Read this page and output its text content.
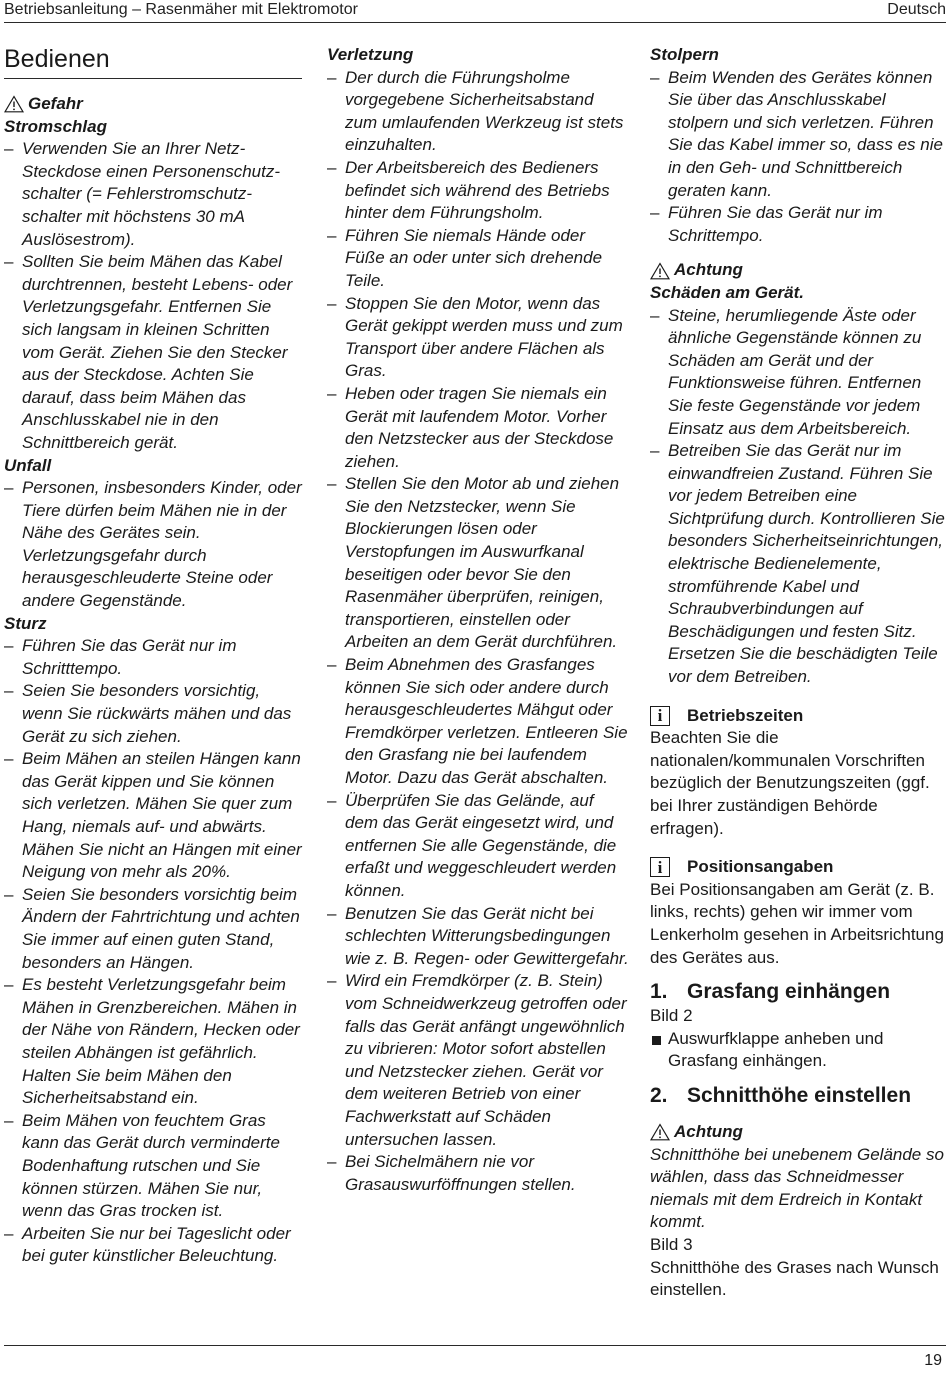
Betriebsanleitung – Rasenmäher mit Elektromotor	Deutsch
Bedienen
Gefahr
Stromschlag
– Verwenden Sie an Ihrer Netz-Steckdose einen Personenschutz-schalter (= Fehlerstromschutz-schalter mit höchstens 30 mA Auslösestrom).
– Sollten Sie beim Mähen das Kabel durchtrennen, besteht Lebens- oder Verletzungsgefahr. Entfernen Sie sich langsam in kleinen Schritten vom Gerät. Ziehen Sie den Stecker aus der Steckdose. Achten Sie darauf, dass beim Mähen das Anschlusskabel nie in den Schnittbereich gerät.
Unfall
– Personen, insbesonders Kinder, oder Tiere dürfen beim Mähen nie in der Nähe des Gerätes sein. Verletzungsgefahr durch herausgeschleuderte Steine oder andere Gegenstände.
Sturz
– Führen Sie das Gerät nur im Schritttempo.
– Seien Sie besonders vorsichtig, wenn Sie rückwärts mähen und das Gerät zu sich ziehen.
– Beim Mähen an steilen Hängen kann das Gerät kippen und Sie können sich verletzen. Mähen Sie quer zum Hang, niemals auf- und abwärts. Mähen Sie nicht an Hängen mit einer Neigung von mehr als 20%.
– Seien Sie besonders vorsichtig beim Ändern der Fahrtrichtung und achten Sie immer auf einen guten Stand, besonders an Hängen.
– Es besteht Verletzungsgefahr beim Mähen in Grenzbereichen. Mähen in der Nähe von Rändern, Hecken oder steilen Abhängen ist gefährlich. Halten Sie beim Mähen den Sicherheitsabstand ein.
– Beim Mähen von feuchtem Gras kann das Gerät durch verminderte Bodenhaftung rutschen und Sie können stürzen. Mähen Sie nur, wenn das Gras trocken ist.
– Arbeiten Sie nur bei Tageslicht oder bei guter künstlicher Beleuchtung.
Verletzung
– Der durch die Führungsholme vorgegebene Sicherheitsabstand zum umlaufenden Werkzeug ist stets einzuhalten.
– Der Arbeitsbereich des Bedieners befindet sich während des Betriebs hinter dem Führungsholm.
– Führen Sie niemals Hände oder Füße an oder unter sich drehende Teile.
– Stoppen Sie den Motor, wenn das Gerät gekippt werden muss und zum Transport über andere Flächen als Gras.
– Heben oder tragen Sie niemals ein Gerät mit laufendem Motor. Vorher den Netzstecker aus der Steckdose ziehen.
– Stellen Sie den Motor ab und ziehen Sie den Netzstecker, wenn Sie Blockierungen lösen oder Verstopfungen im Auswurfkanal beseitigen oder bevor Sie den Rasenmäher überprüfen, reinigen, transportieren, einstellen oder Arbeiten an dem Gerät durchführen.
– Beim Abnehmen des Grasfanges können Sie sich oder andere durch herausgeschleudertes Mähgut oder Fremdkörper verletzen. Entleeren Sie den Grasfang nie bei laufendem Motor. Dazu das Gerät abschalten.
– Überprüfen Sie das Gelände, auf dem das Gerät eingesetzt wird, und entfernen Sie alle Gegenstände, die erfaßt und weggeschleudert werden können.
– Benutzen Sie das Gerät nicht bei schlechten Witterungsbedingungen wie z. B. Regen- oder Gewittergefahr.
– Wird ein Fremdkörper (z. B. Stein) vom Schneidwerkzeug getroffen oder falls das Gerät anfängt ungewöhnlich zu vibrieren: Motor sofort abstellen und Netzstecker ziehen. Gerät vor dem weiteren Betrieb von einer Fachwerkstatt auf Schäden untersuchen lassen.
– Bei Sichelmähern nie vor Grasauswurföffnungen stellen.
Stolpern
– Beim Wenden des Gerätes können Sie über das Anschlusskabel stolpern und sich verletzen. Führen Sie das Kabel immer so, dass es nie in den Geh- und Schnittbereich geraten kann.
– Führen Sie das Gerät nur im Schrittempo.
Achtung
Schäden am Gerät.
– Steine, herumliegende Äste oder ähnliche Gegenstände können zu Schäden am Gerät und der Funktionsweise führen. Entfernen Sie feste Gegenstände vor jedem Einsatz aus dem Arbeitsbereich.
– Betreiben Sie das Gerät nur im einwandfreien Zustand. Führen Sie vor jedem Betreiben eine Sichtprüfung durch. Kontrollieren Sie besonders Sicherheitseinrichtungen, elektrische Bedienelemente, stromführende Kabel und Schraubverbindungen auf Beschädigungen und festen Sitz. Ersetzen Sie die beschädigten Teile vor dem Betreiben.
i	Betriebszeiten

Beachten Sie die nationalen/kommunalen Vorschriften bezüglich der Benutzungszeiten (ggf. bei Ihrer zuständigen Behörde erfragen).

i	Positionsangaben

Bei Positionsangaben am Gerät (z. B. links, rechts) gehen wir immer vom Lenkerholm gesehen in Arbeitsrichtung des Gerätes aus.

1. Grasfang einhängen

Bild 2

Auswurfklappe anheben und Grasfang einhängen.
2. Schnitthöhe einstellen
Achtung

Schnitthöhe bei unebenem Gelände so wählen, dass das Schneidmesser niemals mit dem Erdreich in Kontakt kommt.

Bild 3

Schnitthöhe des Grases nach Wunsch einstellen.

19
